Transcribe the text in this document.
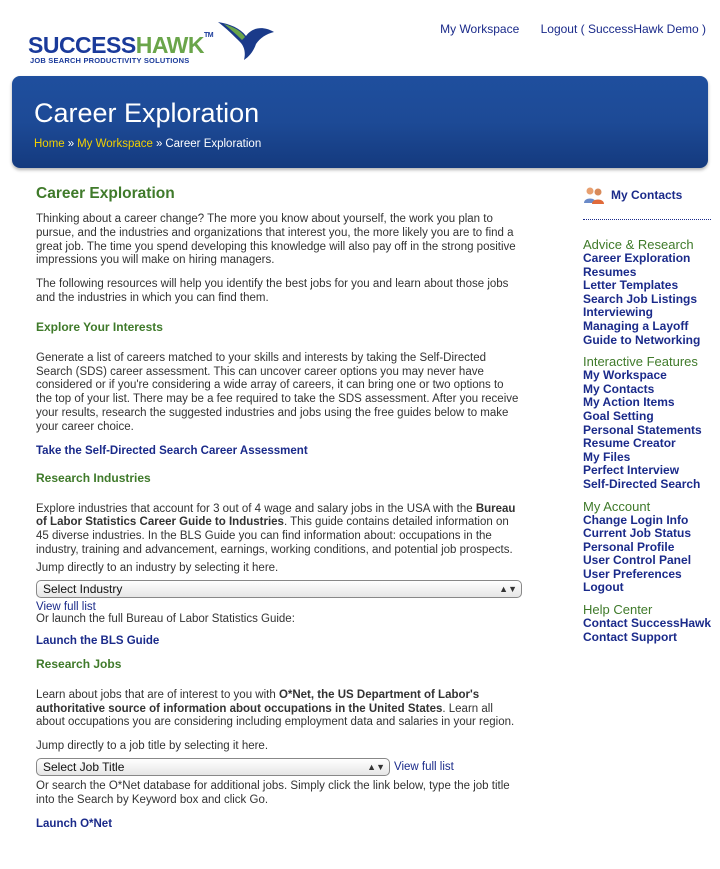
SUCCESSHAWK™
JOB SEARCH PRODUCTIVITY SOLUTIONS
My Workspace Logout ( SuccessHawk Demo )
Career Exploration
Home » My Workspace » Career Exploration
Career Exploration

Thinking about a career change? The more you know about yourself, the work you plan to pursue, and the industries and organizations that interest you, the more likely you are to find a great job. The time you spend developing this knowledge will also pay off in the strong positive impressions you will make on hiring managers.

The following resources will help you identify the best jobs for you and learn about those jobs and the industries in which you can find them.

Explore Your Interests

Generate a list of careers matched to your skills and interests by taking the Self-Directed Search (SDS) career assessment. This can uncover career options you may never have considered or if you're considering a wide array of careers, it can bring one or two options to the top of your list. There may be a fee required to take the SDS assessment. After you receive your results, research the suggested industries and jobs using the free guides below to make your career choice.

Take the Self-Directed Search Career Assessment
Research Industries

Explore industries that account for 3 out of 4 wage and salary jobs in the USA with the Bureau of Labor Statistics Career Guide to Industries. This guide contains detailed information on 45 diverse industries. In the BLS Guide you can find information about: occupations in the industry, training and advancement, earnings, working conditions, and potential job prospects.

Jump directly to an industry by selecting it here.
Select Industry	▲▼
View full list
Or launch the full Bureau of Labor Statistics Guide:
Launch the BLS Guide
Research Jobs

Learn about jobs that are of interest to you with O*Net, the US Department of Labor's authoritative source of information about occupations in the United States. Learn all about occupations you are considering including employment data and salaries in your region.

Jump directly to a job title by selecting it here.
Select Job Title	▲▼ View full list

Or search the O*Net database for additional jobs. Simply click the link below, type the job title into the Search by Keyword box and click Go.

Launch O*Net
My Contacts
Advice & Research
Career Exploration
Resumes
Letter Templates
Search Job Listings
Interviewing
Managing a Layoff
Guide to Networking
Interactive Features
My Workspace
My Contacts
My Action Items
Goal Setting
Personal Statements
Resume Creator
My Files
Perfect Interview
Self-Directed Search
My Account
Change Login Info
Current Job Status
Personal Profile
User Control Panel
User Preferences
Logout
Help Center
Contact SuccessHawk
Contact Support
